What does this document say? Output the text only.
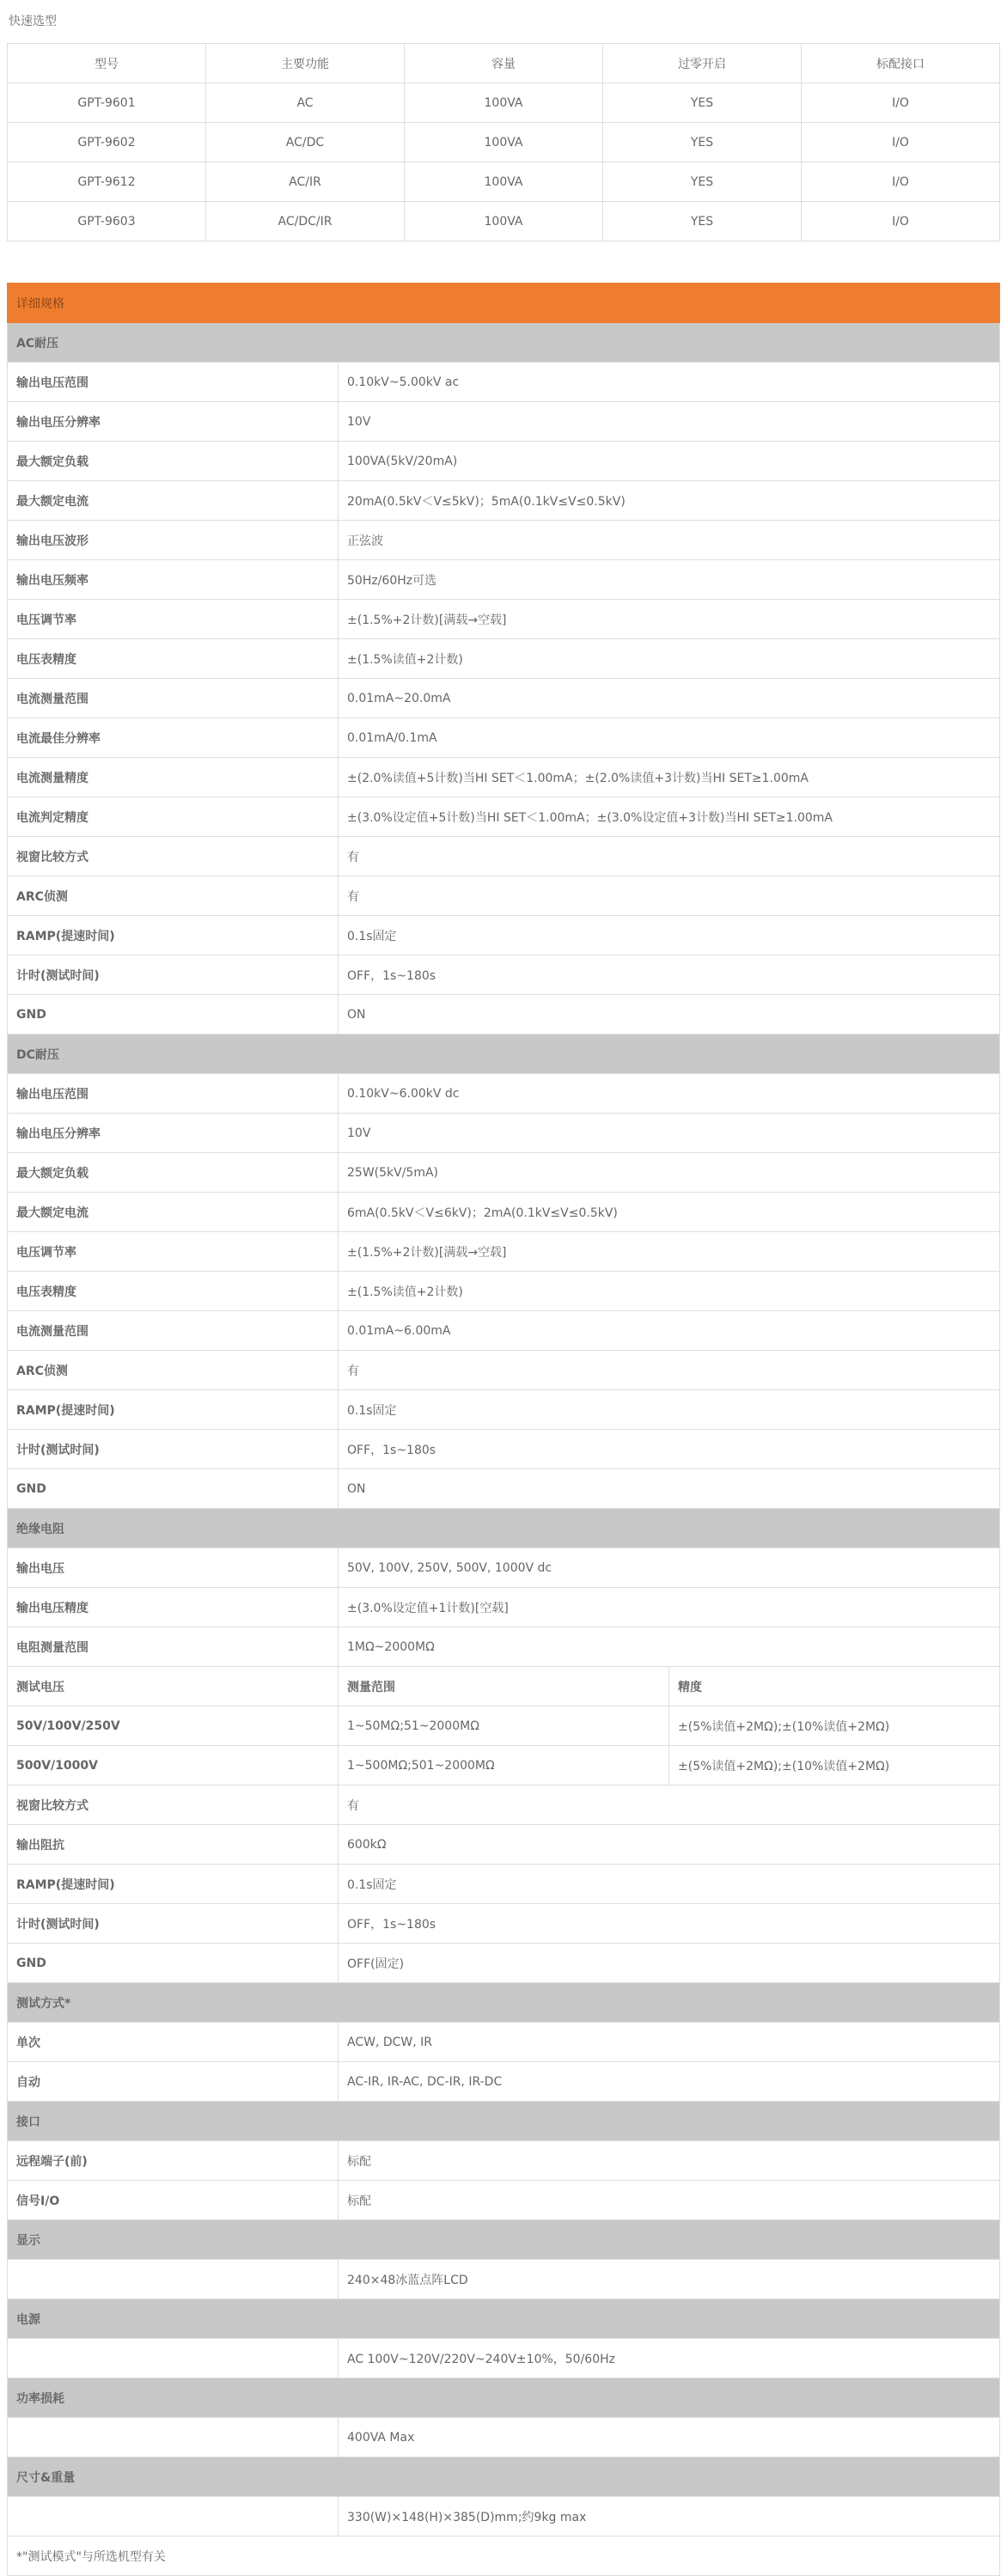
快速选型
型号	主要功能	容量	过零开启	标配接口
GPT-9601	AC	100VA	YES	I/O
GPT-9602	AC/DC	100VA	YES	I/O
GPT-9612	AC/IR	100VA	YES	I/O
GPT-9603	AC/DC/IR	100VA	YES	I/O
详细规格		
AC耐压		
输出电压范围	0.10kV~5.00kV ac	
输出电压分辨率	10V	
最大额定负载	100VA(5kV/20mA)	
最大额定电流	20mA(0.5kV＜V≤5kV)；5mA(0.1kV≤V≤0.5kV)	
输出电压波形	正弦波	
输出电压频率	50Hz/60Hz可选	
电压调节率	±(1.5%+2计数)[满载→空载]	
电压表精度	±(1.5%读值+2计数)	
电流测量范围	0.01mA~20.0mA	
电流最佳分辨率	0.01mA/0.1mA	
电流测量精度	±(2.0%读值+5计数)当HI SET＜1.00mA；±(2.0%读值+3计数)当HI SET≥1.00mA	
电流判定精度	±(3.0%设定值+5计数)当HI SET＜1.00mA；±(3.0%设定值+3计数)当HI SET≥1.00mA	
视窗比较方式	有	
ARC侦测	有	
RAMP(提速时间)	0.1s固定	
计时(测试时间)	OFF，1s~180s	
GND	ON	
DC耐压		
输出电压范围	0.10kV~6.00kV dc	
输出电压分辨率	10V	
最大额定负载	25W(5kV/5mA)	
最大额定电流	6mA(0.5kV＜V≤6kV)；2mA(0.1kV≤V≤0.5kV)	
电压调节率	±(1.5%+2计数)[满载→空载]	
电压表精度	±(1.5%读值+2计数)	
电流测量范围	0.01mA~6.00mA	
ARC侦测	有	
RAMP(提速时间)	0.1s固定	
计时(测试时间)	OFF，1s~180s	
GND	ON	
绝缘电阻		
输出电压	50V, 100V, 250V, 500V, 1000V dc	
输出电压精度	±(3.0%设定值+1计数)[空载]	
电阻测量范围	1MΩ~2000MΩ	
测试电压	测量范围	精度
50V/100V/250V	1~50MΩ;51~2000MΩ	±(5%读值+2MΩ);±(10%读值+2MΩ)
500V/1000V	1~500MΩ;501~2000MΩ	±(5%读值+2MΩ);±(10%读值+2MΩ)
视窗比较方式	有	
输出阻抗	600kΩ	
RAMP(提速时间)	0.1s固定	
计时(测试时间)	OFF，1s~180s	
GND	OFF(固定)	
测试方式*		
单次	ACW, DCW, IR	
自动	AC-IR, IR-AC, DC-IR, IR-DC	
接口		
远程端子(前)	标配	
信号I/O	标配	
显示		
	240×48冰蓝点阵LCD	
电源		
	AC 100V~120V/220V~240V±10%，50/60Hz	
功率损耗		
	400VA Max	
尺寸&重量		
	330(W)×148(H)×385(D)mm;约9kg max	
*"测试模式"与所选机型有关		
